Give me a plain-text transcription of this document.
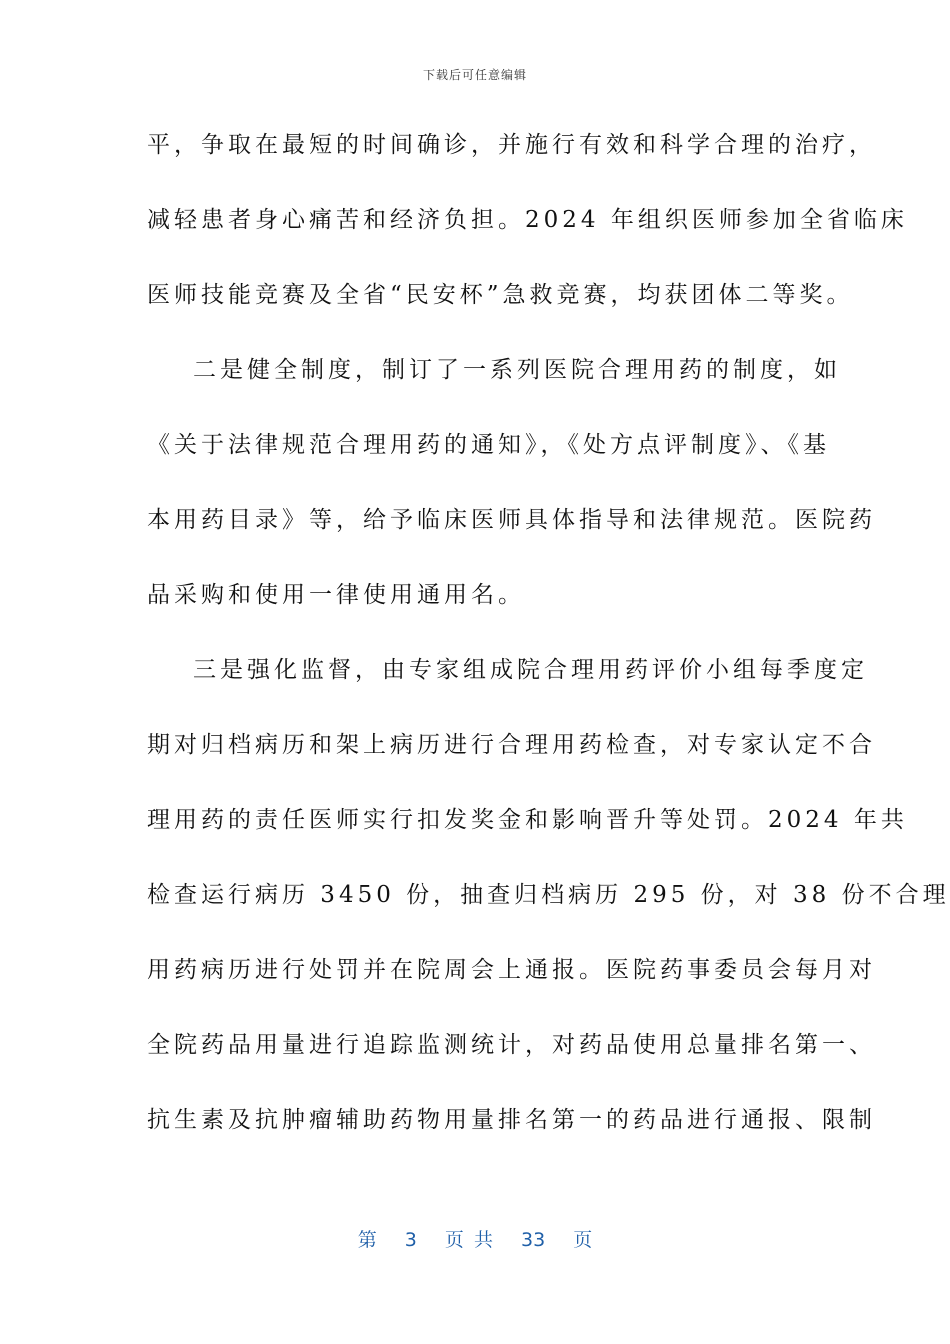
下载后可任意编辑
平，争取在最短的时间确诊，并施行有效和科学合理的治疗，
减轻患者身心痛苦和经济负担。2024 年组织医师参加全省临床
医师技能竞赛及全省“民安杯”急救竞赛，均获团体二等奖。
二是健全制度，制订了一系列医院合理用药的制度，如
《关于法律规范合理用药的通知》，《处方点评制度》、《基
本用药目录》等，给予临床医师具体指导和法律规范。医院药
品采购和使用一律使用通用名。
三是强化监督，由专家组成院合理用药评价小组每季度定
期对归档病历和架上病历进行合理用药检查，对专家认定不合
理用药的责任医师实行扣发奖金和影响晋升等处罚。2024 年共
检查运行病历 3450 份，抽查归档病历 295 份，对 38 份不合理
用药病历进行处罚并在院周会上通报。医院药事委员会每月对
全院药品用量进行追踪监测统计，对药品使用总量排名第一、
抗生素及抗肿瘤辅助药物用量排名第一的药品进行通报、限制
第 3 页 共 33 页
